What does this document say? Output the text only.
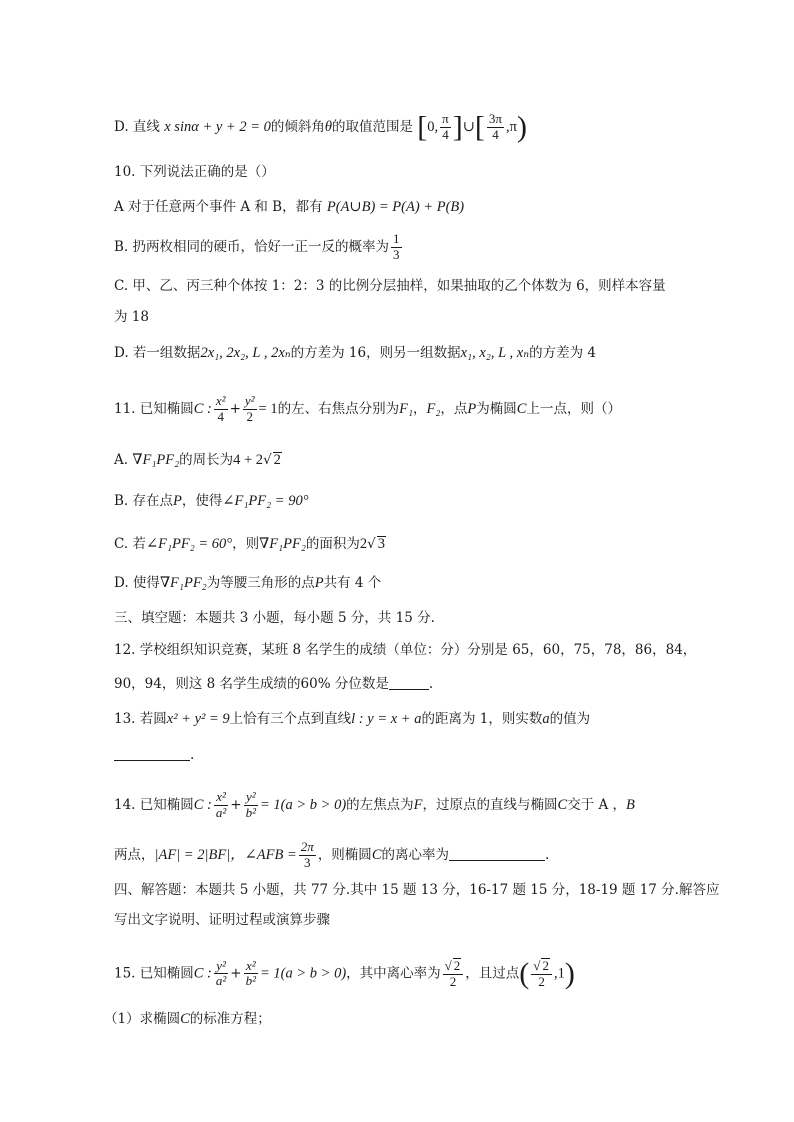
D. 直线 x sinα + y + 2 = 0的倾斜角θ的取值范围是 [0, $\frac{\pi}{4}$ ]∪[ $\frac{3\pi}{4} ,\pi$)
10. 下列说法正确的是（）
A 对于任意两个事件 A 和 B，都有 P(A∪B) = P(A) + P(B)
B. 扔两枚相同的硬币，恰好一正一反的概率为 $\frac{1}{3}$
C. 甲、乙、丙三种个体按 1：2：3 的比例分层抽样，如果抽取的乙个体数为 6，则样本容量
为 18
D. 若一组数据2x₁, 2x₂, L , 2xₙ的方差为 16，则另一组数据x₁, x₂, L , xₙ的方差为 4
11. 已知椭圆C : $\frac{\text{x²}}{4} + \frac{\text{y²}}{2} = 1$的左、右焦点分别为F₁，F₂，点P为椭圆C上一点，则（）
A. ∇F₁PF₂的周长为4 + 2√ 2
B. 存在点P，使得∠F₁PF₂ = 90°
C. 若∠F₁PF₂ = 60°，则∇F₁PF₂的面积为2√ 3
D. 使得∇F₁PF₂为等腰三角形的点P共有 4 个
三、填空题：本题共 3 小题，每小题 5 分，共 15 分.
12. 学校组织知识竞赛，某班 8 名学生的成绩（单位：分）分别是 65，60，75，78，86，84，
90，94，则这 8 名学生成绩的60% 分位数是	.
13. 若圆x² + y² = 9上恰有三个点到直线l : y = x + a的距离为 1，则实数a的值为
.
14. 已知椭圆C : $\frac{\text{x²}}{\text{a²}} + \frac{\text{y²}}{\text{b²}} = 1(a > b > 0)$的左焦点为F，过原点的直线与椭圆C交于 A ，B
两点，|AF| = 2|BF|，∠AFB = $\frac{2\pi}{3}$ ，则椭圆C的离心率为	.
四、解答题：本题共 5 小题，共 77 分.其中 15 题 13 分，16-17 题 15 分，18-19 题 17 分.解答应
写出文字说明、证明过程或演算步骤
15. 已知椭圆C : $\frac{\text{y²}}{\text{a²}} + \frac{\text{x²}}{\text{b²}} = 1(a > b > 0)$，其中离心率为 $\frac{√ 2}{2}$ ，且过点( $\frac{√ 2}{2} ,1$)
（1）求椭圆C的标准方程；
